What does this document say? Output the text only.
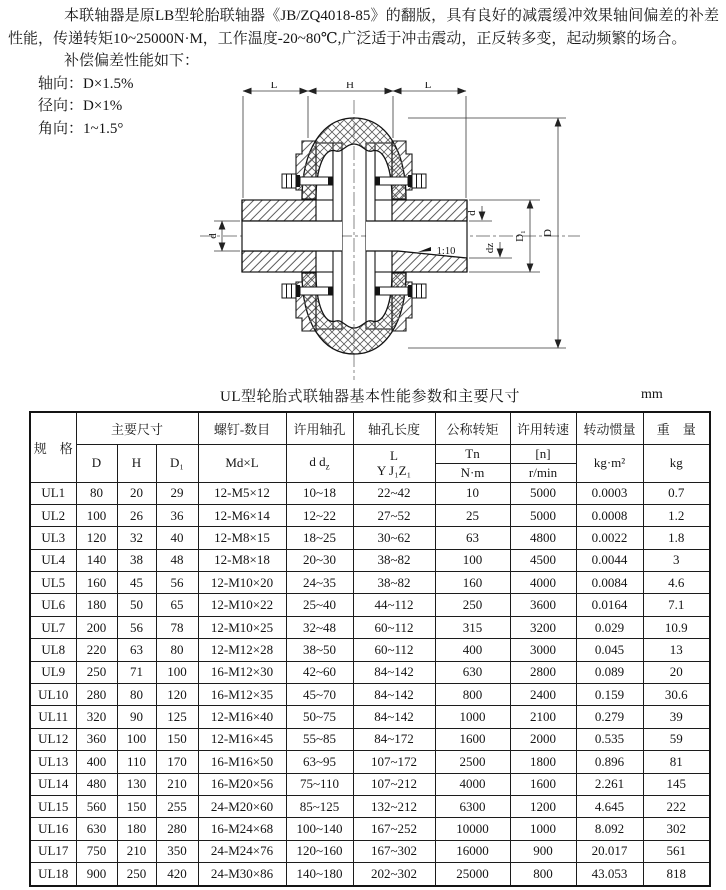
本联轴器是原LB型轮胎联轴器《JB/ZQ4018-85》的翻版，具有良好的减震缓冲效果轴间偏差的补差性能，传递转矩10~25000N·M，工作温度-20~80℃,广泛适于冲击震动，正反转多变，起动频繁的场合。

补偿偏差性能如下：
轴向：D×1.5%
径向：D×1%
角向：1~1.5°
L	H	L
d
d
dz
D₁ D
1:10
UL型轮胎式联轴器基本性能参数和主要尺寸	mm
规　格	主要尺寸			螺钉-数目	许用轴孔	轴孔长度	公称转矩	许用转速	转动惯量	重　量
	D	H	D₁	Md×L	d $d_z$	L
Y J₁Z₁	Tn	[n]	kg·m²	kg
							N·m	r/min		
UL1	80	20	29	12-M5×12	10~18	22~42	10	5000	0.0003	0.7
UL2	100	26	36	12-M6×14	12~22	27~52	25	5000	0.0008	1.2
UL3	120	32	40	12-M8×15	18~25	30~62	63	4800	0.0022	1.8
UL4	140	38	48	12-M8×18	20~30	38~82	100	4500	0.0044	3
UL5	160	45	56	12-M10×20	24~35	38~82	160	4000	0.0084	4.6
UL6	180	50	65	12-M10×22	25~40	44~112	250	3600	0.0164	7.1
UL7	200	56	78	12-M10×25	32~48	60~112	315	3200	0.029	10.9
UL8	220	63	80	12-M12×28	38~50	60~112	400	3000	0.045	13
UL9	250	71	100	16-M12×30	42~60	84~142	630	2800	0.089	20
UL10	280	80	120	16-M12×35	45~70	84~142	800	2400	0.159	30.6
UL11	320	90	125	12-M16×40	50~75	84~142	1000	2100	0.279	39
UL12	360	100	150	12-M16×45	55~85	84~172	1600	2000	0.535	59
UL13	400	110	170	16-M16×50	63~95	107~172	2500	1800	0.896	81
UL14	480	130	210	16-M20×56	75~110	107~212	4000	1600	2.261	145
UL15	560	150	255	24-M20×60	85~125	132~212	6300	1200	4.645	222
UL16	630	180	280	16-M24×68	100~140	167~252	10000	1000	8.092	302
UL17	750	210	350	24-M24×76	120~160	167~302	16000	900	20.017	561
UL18	900	250	420	24-M30×86	140~180	202~302	25000	800	43.053	818
